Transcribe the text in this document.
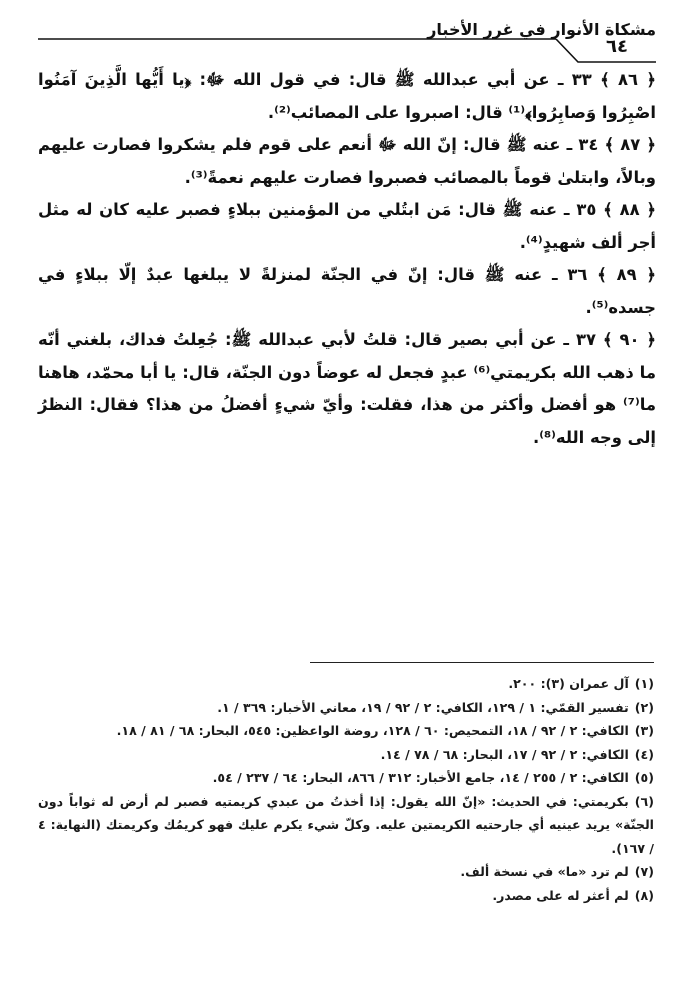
مشكاة الأنوار في غرر الأخبار
٦٤

﴿ ٨٦ ﴾ ٣٣ ـ عن أبي عبدالله ﷺ قال: في قول الله ﷻ: ﴿يا أَيُّها الَّذِينَ آمَنُوا اصْبِرُوا وَصابِرُوا﴾⁽¹⁾ قال: اصبروا على المصائب⁽²⁾.

﴿ ٨٧ ﴾ ٣٤ ـ عنه ﷺ قال: إنّ الله ﷻ أنعم على قوم فلم يشكروا فصارت عليهم وبالاً، وابتلىٰ قوماً بالمصائب فصبروا فصارت عليهم نعمةً⁽³⁾.

﴿ ٨٨ ﴾ ٣٥ ـ عنه ﷺ قال: مَن ابتُلي من المؤمنين ببلاءٍ فصبر عليه كان له مثل أجر ألف شهيدٍ⁽⁴⁾.

﴿ ٨٩ ﴾ ٣٦ ـ عنه ﷺ قال: إنّ في الجنّة لمنزلةً لا يبلغها عبدٌ إلّا ببلاءٍ في جسده⁽⁵⁾.

﴿ ٩٠ ﴾ ٣٧ ـ عن أبي بصير قال: قلتُ لأبي عبدالله ﷺ: جُعِلتُ فداك، بلغني أنّه ما ذهب الله بكريمتي⁽⁶⁾ عبدٍ فجعل له عوضاً دون الجنّة، قال: يا أبا محمّد، هاهنا ما⁽⁷⁾ هو أفضل وأكثر من هذا، فقلت: وأيّ شيءٍ أفضلُ من هذا؟ فقال: النظرُ إلى وجه الله⁽⁸⁾.

(١)آل عمران (٣): ٢٠٠.

(٢)تفسير القمّي: ١ / ١٢٩، الكافي: ٢ / ٩٢ / ١٩، معاني الأخبار: ٣٦٩ / ١.

(٣)الكافي: ٢ / ٩٢ / ١٨، التمحيص: ٦٠ / ١٢٨، روضة الواعظين: ٥٤٥، البحار: ٦٨ / ٨١ / ١٨.

(٤)الكافي: ٢ / ٩٢ / ١٧، البحار: ٦٨ / ٧٨ / ١٤.

(٥)الكافي: ٢ / ٢٥٥ / ١٤، جامع الأخبار: ٣١٢ / ٨٦٦، البحار: ٦٤ / ٢٣٧ / ٥٤.

(٦)بكريمتي: في الحديث: «إنّ الله يقول: إذا أخذتُ من عبدي كريمتيه فصبر لم أرض له ثواباً دون الجنّة» يريد عينيه أي جارحتيه الكريمتين عليه. وكلّ شيء يكرم عليك فهو كريمُك وكريمتك (النهاية: ٤ / ١٦٧).

(٧)لم ترد «ما» في نسخة ألف.

(٨)لم أعثر له على مصدر.
